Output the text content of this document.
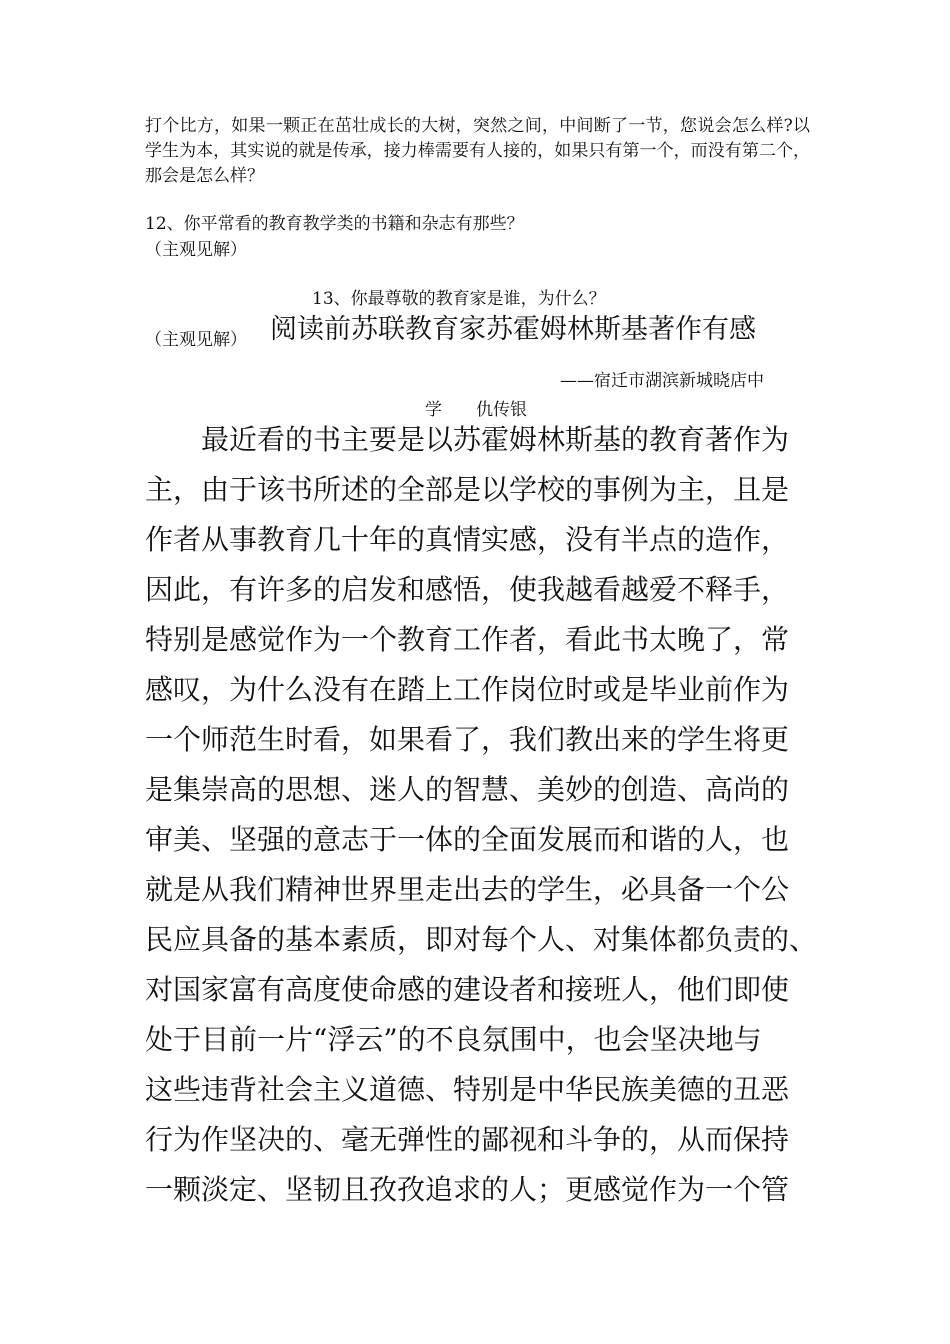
打个比方，如果一颗正在茁壮成长的大树，突然之间，中间断了一节，您说会怎么样?以学生为本，其实说的就是传承，接力棒需要有人接的，如果只有第一个，而没有第二个，那会是怎么样？

12、你平常看的教育教学类的书籍和杂志有那些？

（主观见解）

13、你最尊敬的教育家是谁，为什么？

（主观见解） 阅读前苏联教育家苏霍姆林斯基著作有感

——宿迁市湖滨新城晓店中

学　　仇传银

最近看的书主要是以苏霍姆林斯基的教育著作为

主，由于该书所述的全部是以学校的事例为主，且是

作者从事教育几十年的真情实感，没有半点的造作，

因此，有许多的启发和感悟，使我越看越爱不释手，

特别是感觉作为一个教育工作者，看此书太晚了，常

感叹，为什么没有在踏上工作岗位时或是毕业前作为

一个师范生时看，如果看了，我们教出来的学生将更

是集崇高的思想、迷人的智慧、美妙的创造、高尚的

审美、坚强的意志于一体的全面发展而和谐的人，也

就是从我们精神世界里走出去的学生，必具备一个公

民应具备的基本素质，即对每个人、对集体都负责的、

对国家富有高度使命感的建设者和接班人，他们即使

处于目前一片“浮云”的不良氛围中，也会坚决地与

这些违背社会主义道德、特别是中华民族美德的丑恶

行为作坚决的、毫无弹性的鄙视和斗争的，从而保持

一颗淡定、坚韧且孜孜追求的人；更感觉作为一个管
